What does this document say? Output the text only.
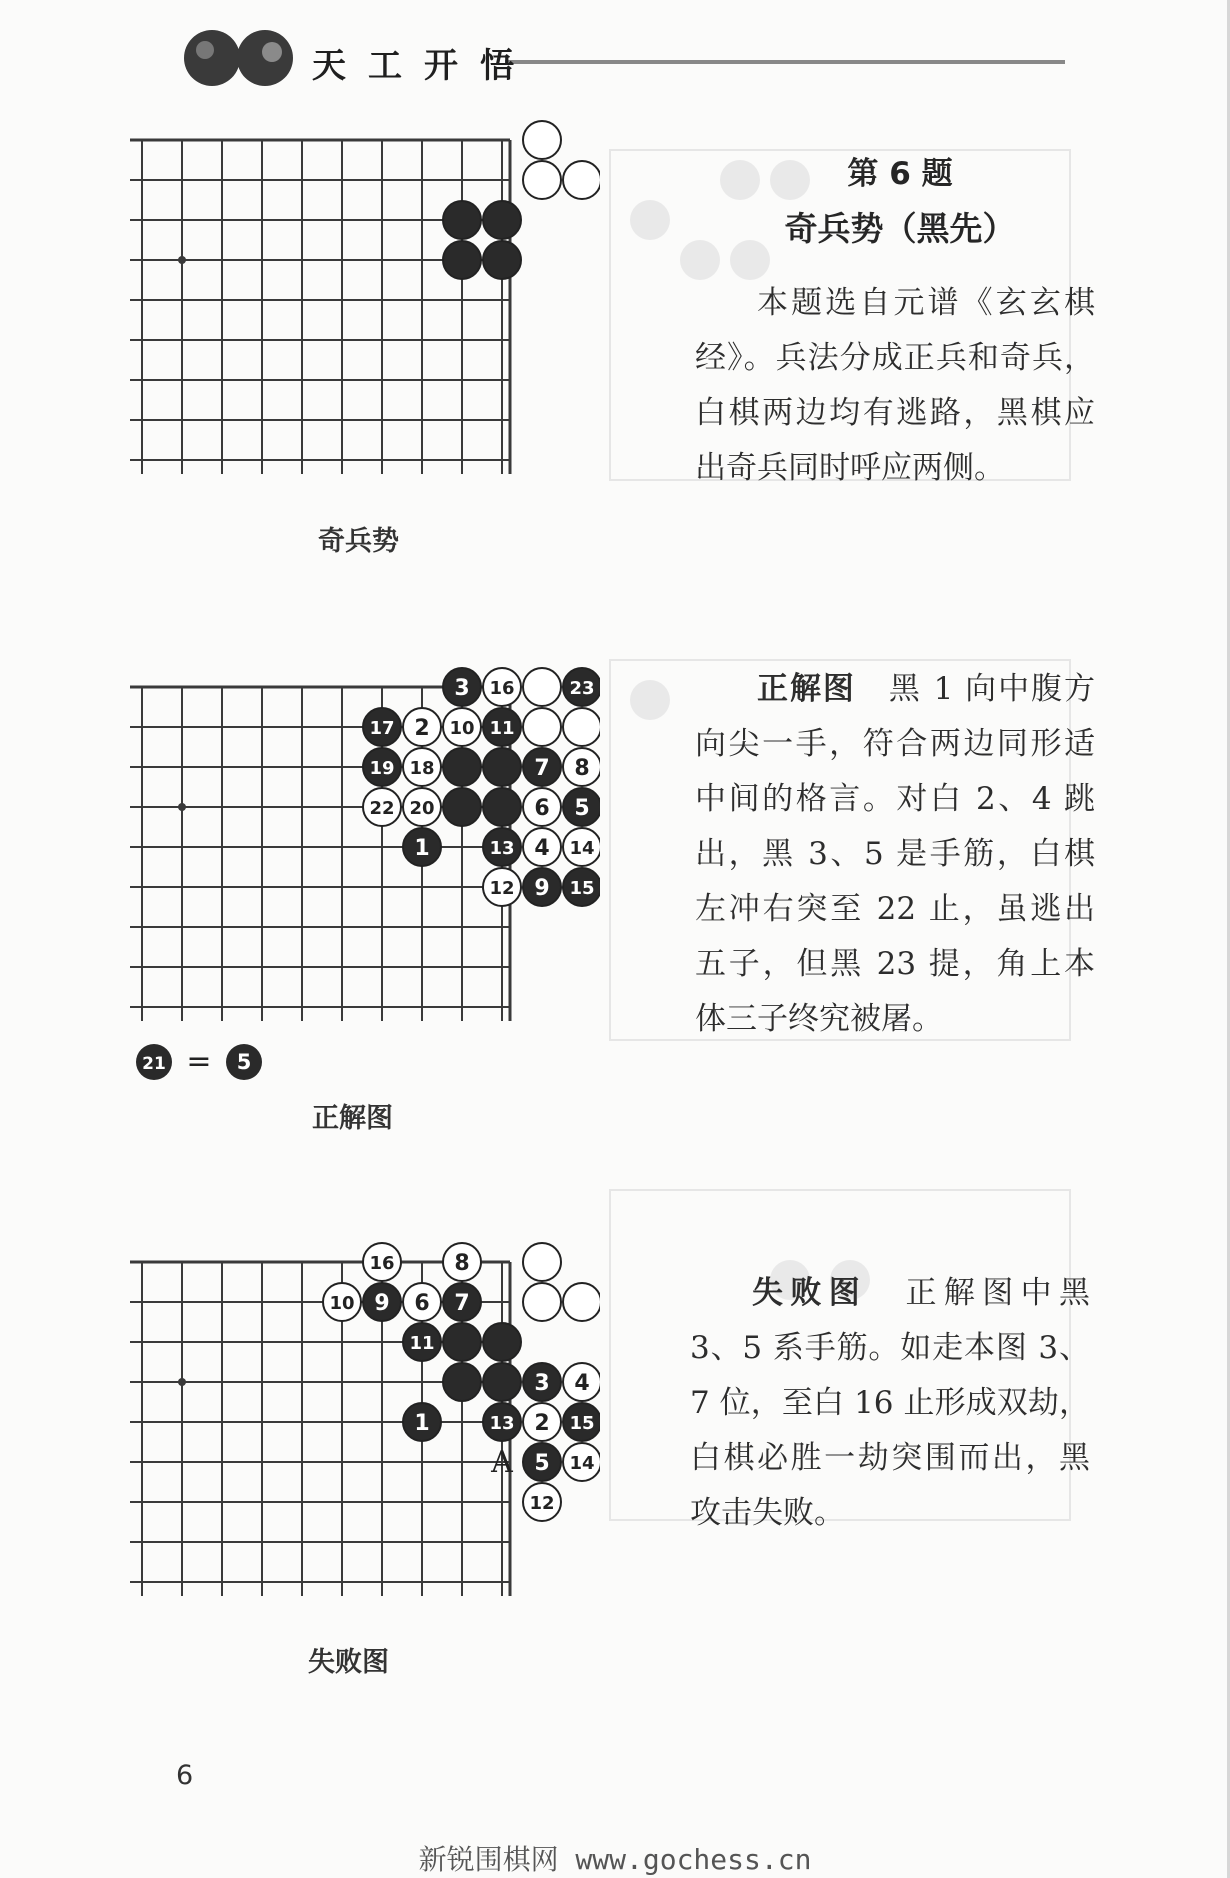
天工开悟
奇兵势
3 16	23
17 2 10 11
19 18	7 8
22 20	6 5
1	13 4 14
12 9 15
21	5
=
正解图
16	8
10 9 6 7
11
3 4
1	13 2 15
5 14
12
A
失败图
第 6 题
奇兵势（黑先）
本题选自元谱《玄玄棋经》。兵法分成正兵和奇兵，白棋两边均有逃路，黑棋应出奇兵同时呼应两侧。
正解图　 黑 1 向中腹方向尖一手，符合两边同形适中间的格言。对白 2、4 跳出，黑 3、5 是手筋，白棋左冲右突至 22 止，虽逃出五子，但黑 23 提，角上本体三子终究被屠。
失败图　 正解图中黑 3、5 系手筋。如走本图 3、7 位，至白 16 止形成双劫，白棋必胜一劫突围而出，黑攻击失败。
6
新锐围棋网 www.gochess.cn
